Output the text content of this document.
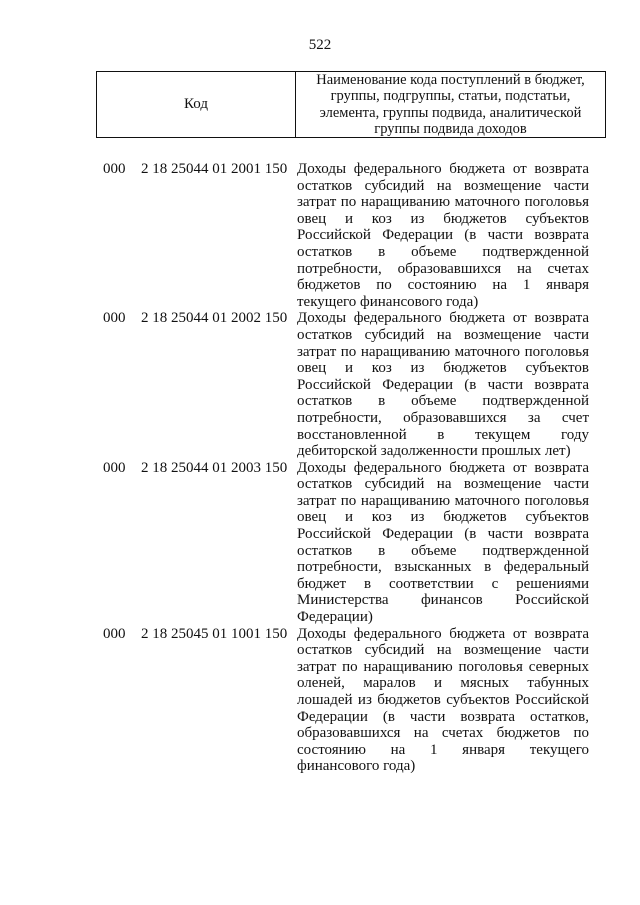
522
Код
Наименование кода поступлений в бюджет, группы, подгруппы, статьи, подстатьи, элемента, группы подвида, аналитической группы подвида доходов
000 2 18 25044 01 2001 150 Доходы федерального бюджета от возврата остатков субсидий на возмещение части затрат по наращиванию маточного поголовья овец и коз из бюджетов субъектов Российской Федерации (в части возврата остатков в объеме подтвержденной потребности, образовавшихся на счетах бюджетов по состоянию на 1 января текущего финансового года)
000 2 18 25044 01 2002 150 Доходы федерального бюджета от возврата остатков субсидий на возмещение части затрат по наращиванию маточного поголовья овец и коз из бюджетов субъектов Российской Федерации (в части возврата остатков в объеме подтвержденной потребности, образовавшихся за счет восстановленной в текущем году дебиторской задолженности прошлых лет)
000 2 18 25044 01 2003 150 Доходы федерального бюджета от возврата остатков субсидий на возмещение части затрат по наращиванию маточного поголовья овец и коз из бюджетов субъектов Российской Федерации (в части возврата остатков в объеме подтвержденной потребности, взысканных в федеральный бюджет в соответствии с решениями Министерства финансов Российской Федерации)
000 2 18 25045 01 1001 150 Доходы федерального бюджета от возврата остатков субсидий на возмещение части затрат по наращиванию поголовья северных оленей, маралов и мясных табунных лошадей из бюджетов субъектов Российской Федерации (в части возврата остатков, образовавшихся на счетах бюджетов по состоянию на 1 января текущего финансового года)
